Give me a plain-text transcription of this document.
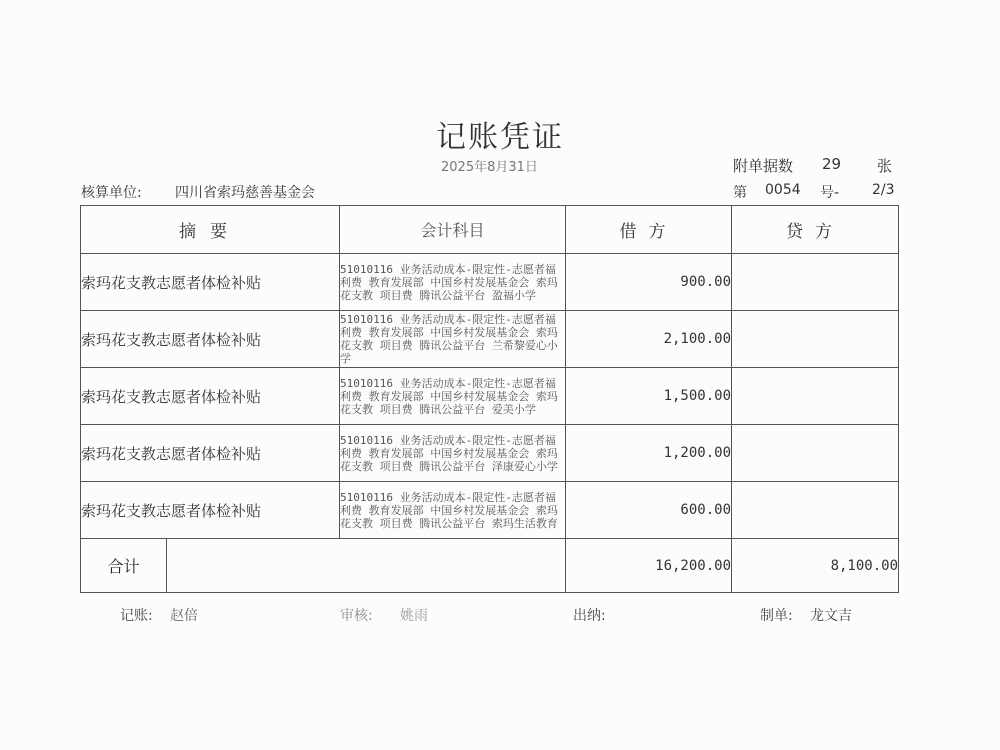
记账凭证
2025年8月31日	附单据数 29 张
核算单位: 四川省索玛慈善基金会	第 0054 号- 2/3
摘要	会计科目	借方	贷方
索玛花支教志愿者体检补贴	51010116 业务活动成本-限定性-志愿者福利费 教育发展部 中国乡村发展基金会 索玛花支教 项目费 腾讯公益平台 盈福小学	900.00	
索玛花支教志愿者体检补贴	51010116 业务活动成本-限定性-志愿者福利费 教育发展部 中国乡村发展基金会 索玛花支教 项目费 腾讯公益平台 兰希黎爱心小学	2,100.00	
索玛花支教志愿者体检补贴	51010116 业务活动成本-限定性-志愿者福利费 教育发展部 中国乡村发展基金会 索玛花支教 项目费 腾讯公益平台 爱美小学	1,500.00	
索玛花支教志愿者体检补贴	51010116 业务活动成本-限定性-志愿者福利费 教育发展部 中国乡村发展基金会 索玛花支教 项目费 腾讯公益平台 泽康爱心小学	1,200.00	
索玛花支教志愿者体检补贴	51010116 业务活动成本-限定性-志愿者福利费 教育发展部 中国乡村发展基金会 索玛花支教 项目费 腾讯公益平台 索玛生活教育	600.00	

合计		16,200.00	8,100.00
记账: 赵倍	审核: 姚雨	出纳:	制单: 龙文吉
